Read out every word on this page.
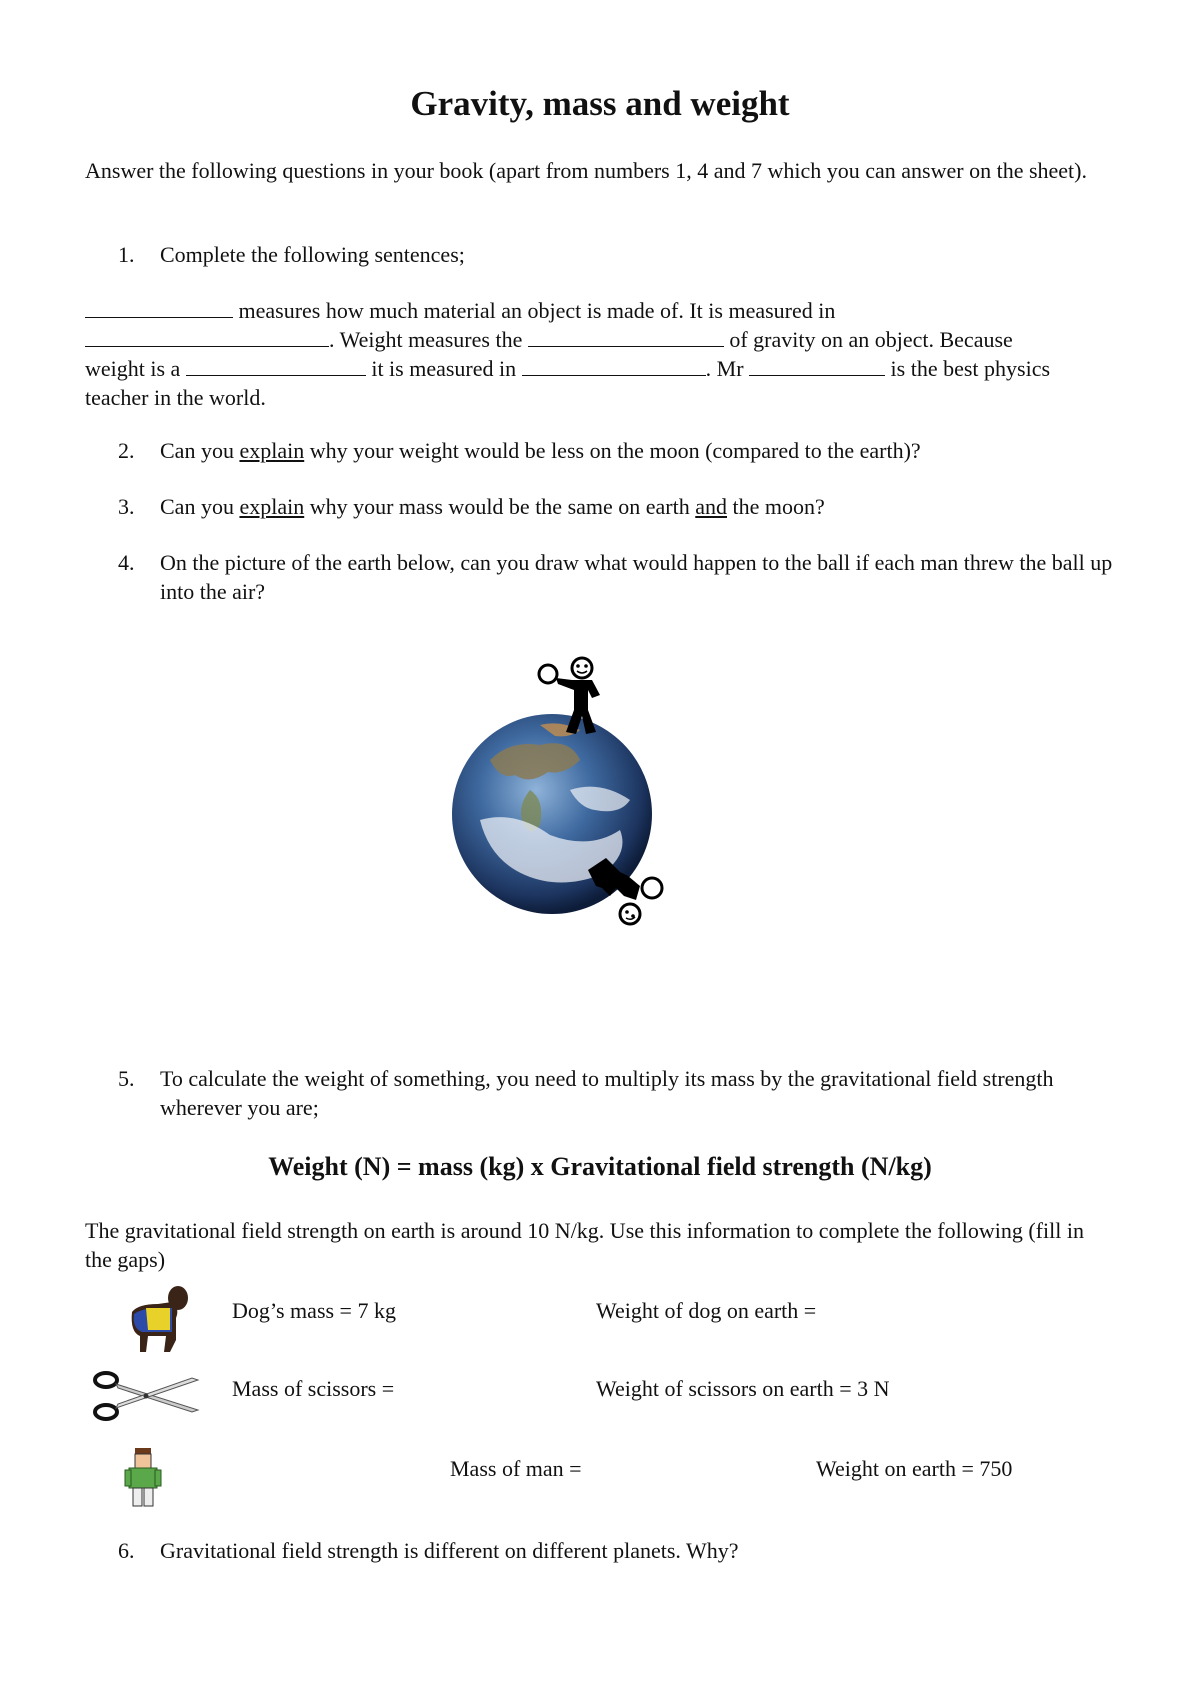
Gravity, mass and weight

Answer the following questions in your book (apart from numbers 1, 4 and 7 which you can answer on the sheet).

1. Complete the following sentences;
measures how much material an object is made of. It is measured in
. Weight measures the	of gravity on an object. Because
weight is a	it is measured in	. Mr	is the best physics
teacher in the world.
2. Can you explain why your weight would be less on the moon (compared to the earth)?
3. Can you explain why your mass would be the same on earth and the moon?
4. On the picture of the earth below, can you draw what would happen to the ball if each man threw the ball up into the air?
5. To calculate the weight of something, you need to multiply its mass by the gravitational field strength wherever you are;

Weight (N) = mass (kg) x Gravitational field strength (N/kg)

The gravitational field strength on earth is around 10 N/kg. Use this information to complete the following (fill in the gaps)

Dog’s mass = 7 kg	Weight of dog on earth =
Mass of scissors =	Weight of scissors on earth = 3 N
Mass of man =	Weight on earth = 750
6. Gravitational field strength is different on different planets. Why?
